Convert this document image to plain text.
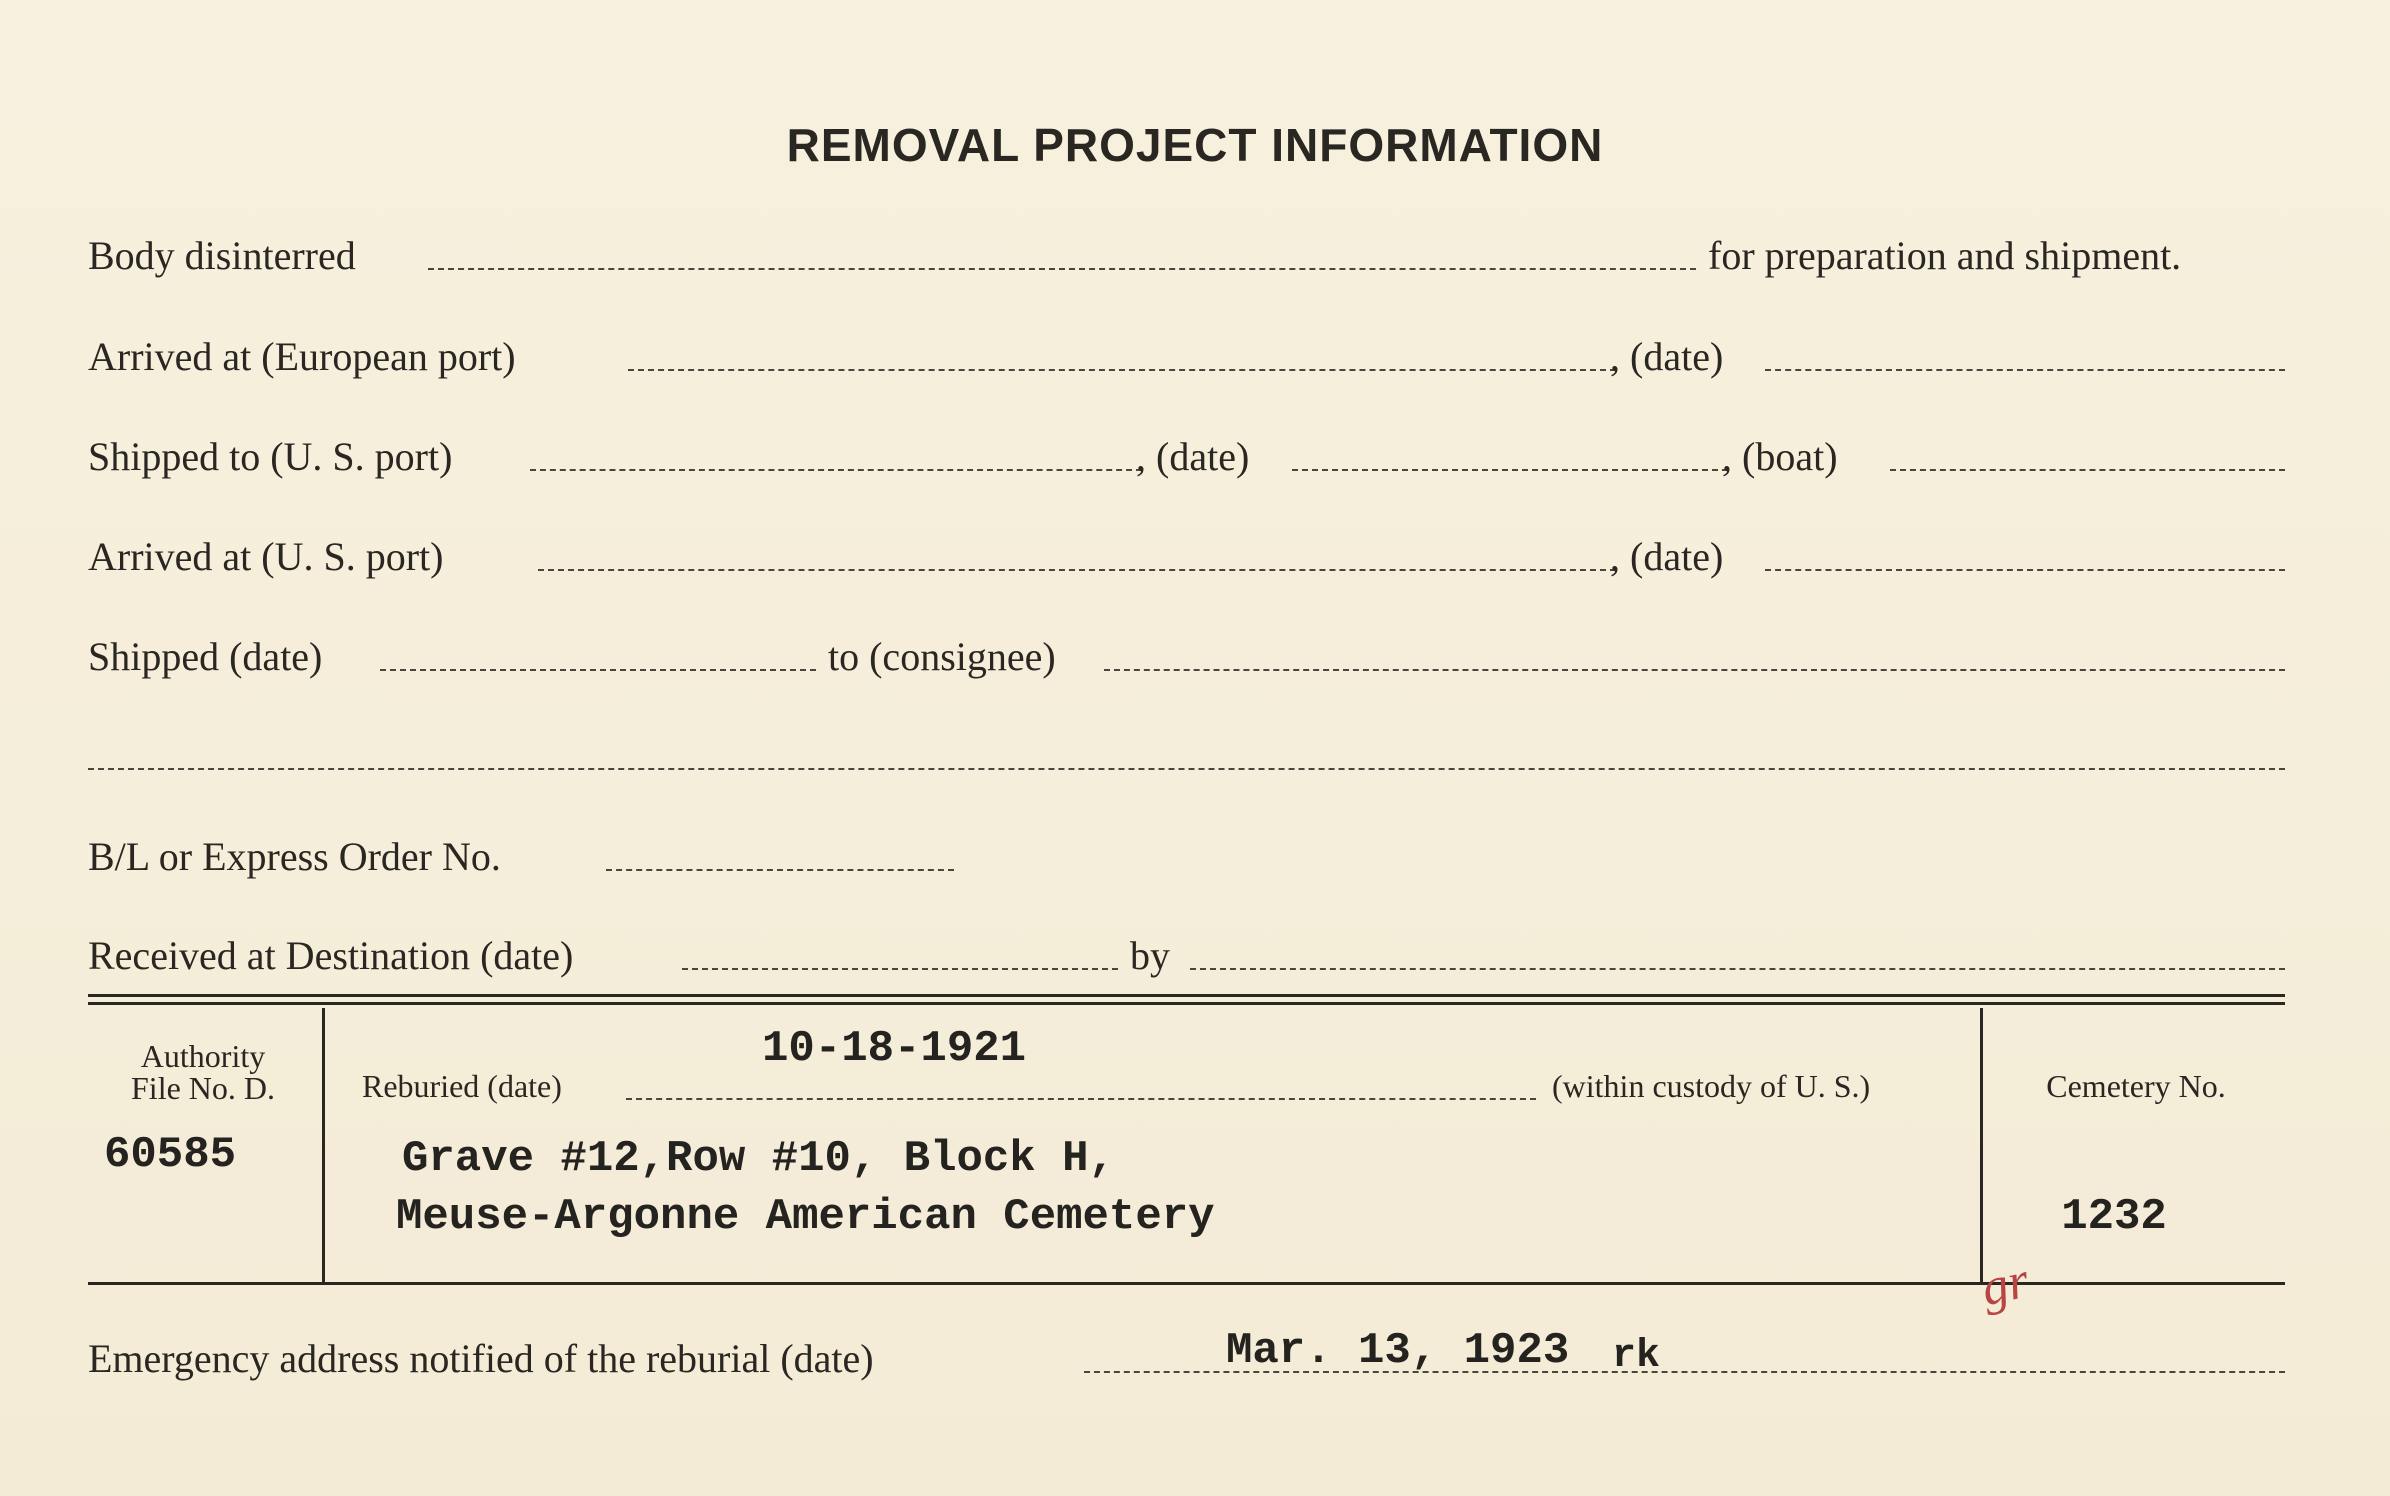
REMOVAL PROJECT INFORMATION
Body disinterred	for preparation and shipment.
Arrived at (European port)	, (date)
Shipped to (U. S. port)	, (date)	, (boat)
Arrived at (U. S. port)	, (date)
Shipped (date)	to (consignee)
B/L or Express Order No.
Received at Destination (date)	by
Authority
File No. D.
60585
10-18-1921
Reburied (date)	(within custody of U. S.)
Grave #12,Row #10, Block H,
Meuse-Argonne American Cemetery
Cemetery No.
1232
gr
Emergency address notified of the reburial (date)	Mar. 13, 1923 rk
